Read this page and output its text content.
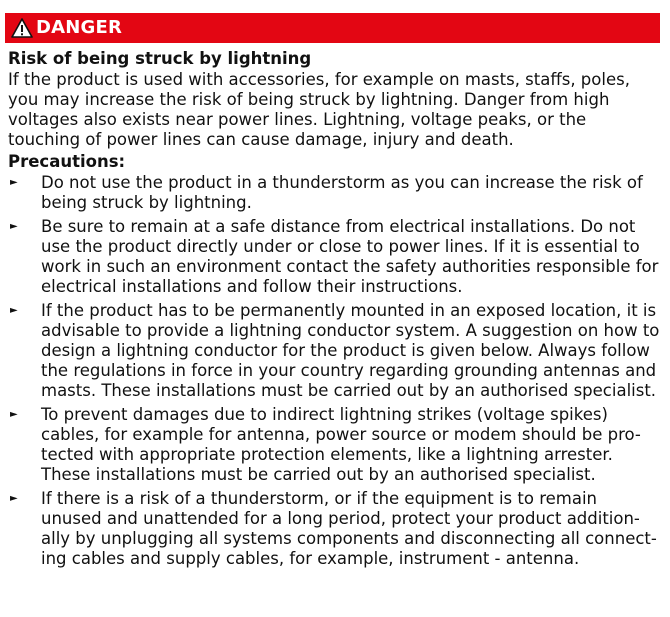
DANGER

Risk of being struck by lightning

If the product is used with accessories, for example on masts, staffs, poles, you may increase the risk of being struck by lightning. Danger from high voltages also exists near power lines. Lightning, voltage peaks, or the touching of power lines can cause damage, injury and death.

Precautions:

► Do not use the product in a thunderstorm as you can increase the risk of being struck by lightning.
► Be sure to remain at a safe distance from electrical installations. Do not use the product directly under or close to power lines. If it is essential to work in such an environment contact the safety authorities responsible for electrical installations and follow their instructions.
► If the product has to be permanently mounted in an exposed location, it is advisable to provide a lightning conductor system. A suggestion on how to design a lightning conductor for the product is given below. Always follow the regulations in force in your country regarding grounding antennas and masts. These installations must be carried out by an authorised specialist.
► To prevent damages due to indirect lightning strikes (voltage spikes) cables, for example for antenna, power source or modem should be pro-tected with appropriate protection elements, like a lightning arrester. These installations must be carried out by an authorised specialist.
► If there is a risk of a thunderstorm, or if the equipment is to remain unused and unattended for a long period, protect your product addition-ally by unplugging all systems components and disconnecting all connect-ing cables and supply cables, for example, instrument - antenna.
